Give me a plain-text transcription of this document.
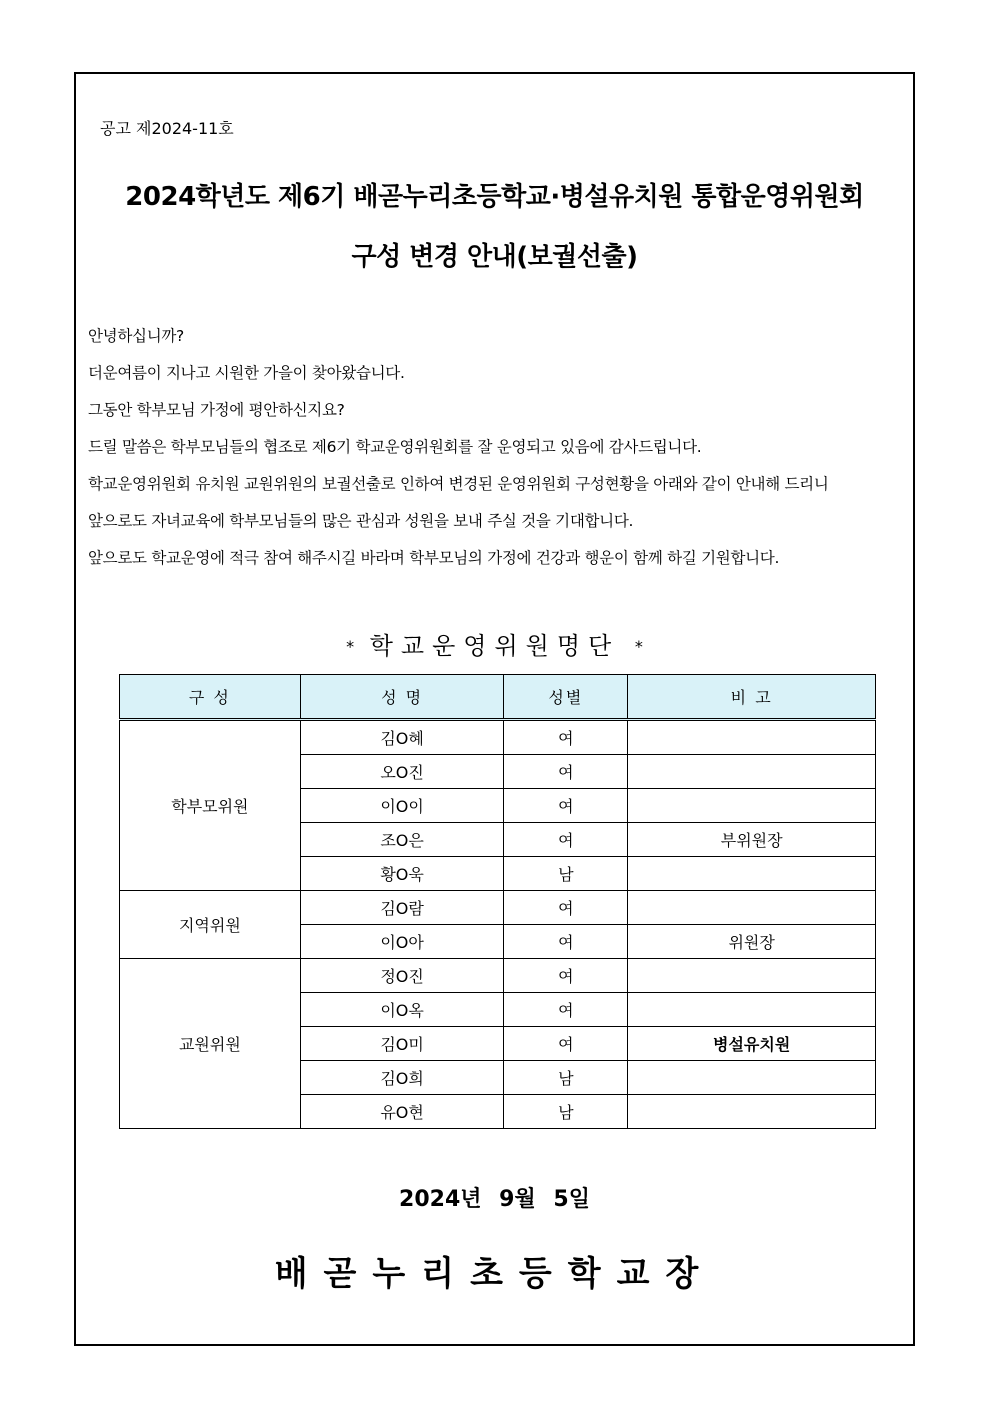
공고 제2024-11호
2024학년도 제6기 배곧누리초등학교·병설유치원 통합운영위원회
구성 변경 안내(보궐선출)

안녕하십니까?

더운여름이 지나고 시원한 가을이 찾아왔습니다.

그동안 학부모님 가정에 평안하신지요?

드릴 말씀은 학부모님들의 협조로 제6기 학교운영위원회를 잘 운영되고 있음에 감사드립니다.

학교운영위원회 유치원 교원위원의 보궐선출로 인하여 변경된 운영위원회 구성현황을 아래와 같이 안내해 드리니

앞으로도 자녀교육에 학부모님들의 많은 관심과 성원을 보내 주실 것을 기대합니다.

앞으로도 학교운영에 적극 참여 해주시길 바라며 학부모님의 가정에 건강과 행운이 함께 하길 기원합니다.

* 학교운영위원명단 *
구 성	성 명	성별	비 고
학부모위원	김O혜	여	
	오O진	여	
	이O이	여	
	조O은	여	부위원장
	황O욱	남	
지역위원	김O람	여	
	이O아	여	위원장
교원위원	정O진	여	
	이O옥	여	
	김O미	여	병설유치원
	김O희	남	
	유O현	남	
2024년 9월 5일
배곧누리초등학교장
